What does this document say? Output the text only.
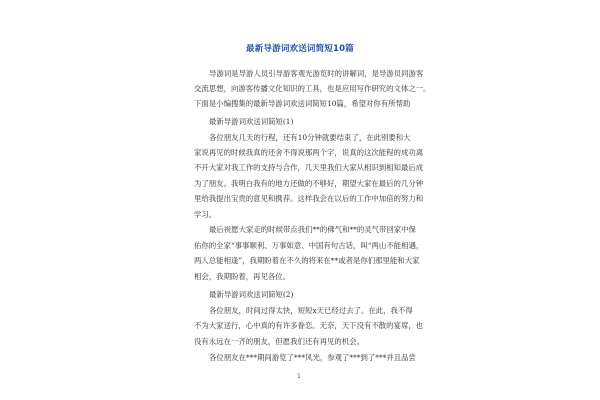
最新导游词欢送词简短10篇
导游词是导游人员引导游客观光游览时的讲解词，是导游员同游客
交流思想，向游客传播文化知识的工具，也是应用写作研究的文体之一。
下面是小编搜集的最新导游词欢送词简短10篇，希望对你有所帮助
最新导游词欢送词简短(1)
各位朋友几天的行程，还有10分钟就要结束了，在此别要和大
家说再见的时候我真的还舍不得说那两个字，说真的这次能程的成功离
不开大家对我工作的支持与合作，几天里我们大家从相识到相知最后成
为了朋友。我明白我有的地方还做的不够好，期望大家在最后的几分钟
里给我提出宝贵的意见和携荐。这样我会在以后的工作中加倍的努力和
学习。
最后祝愿大家走的时候带点我们**的佛气和**的灵气带回家中保
佑你的全家“事事顺利、万事如意、中国有句古话，叫“两山不能相遇，
两人总能相逢”，我期盼着在不久的将来在**或者是你们那里能和大家
相会，我期盼着，再见各位。
最新导游词欢送词简短(2)
各位朋友，时间过得太快，短短x天已经过去了。在此，我不得
不为大家送行，心中真的有许多眷恋。无奈，天下没有不散的宴席，也
没有永远在一齐的朋友，但愿我们还有再见的机会。
各位朋友在***期间游览了***风光，参观了***到了***并且品尝
1
